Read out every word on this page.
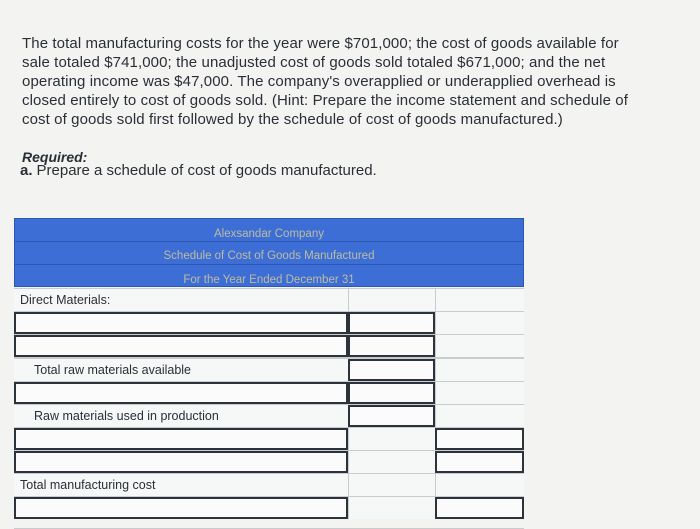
The total manufacturing costs for the year were $701,000; the cost of goods available for sale totaled $741,000; the unadjusted cost of goods sold totaled $671,000; and the net operating income was $47,000. The company's overapplied or underapplied overhead is closed entirely to cost of goods sold. (Hint: Prepare the income statement and schedule of cost of goods sold first followed by the schedule of cost of goods manufactured.)
Required:
a. Prepare a schedule of cost of goods manufactured.
Alexsandar Company
Schedule of Cost of Goods Manufactured
For the Year Ended December 31
Direct Materials:
Total raw materials available
Raw materials used in production
Total manufacturing cost
